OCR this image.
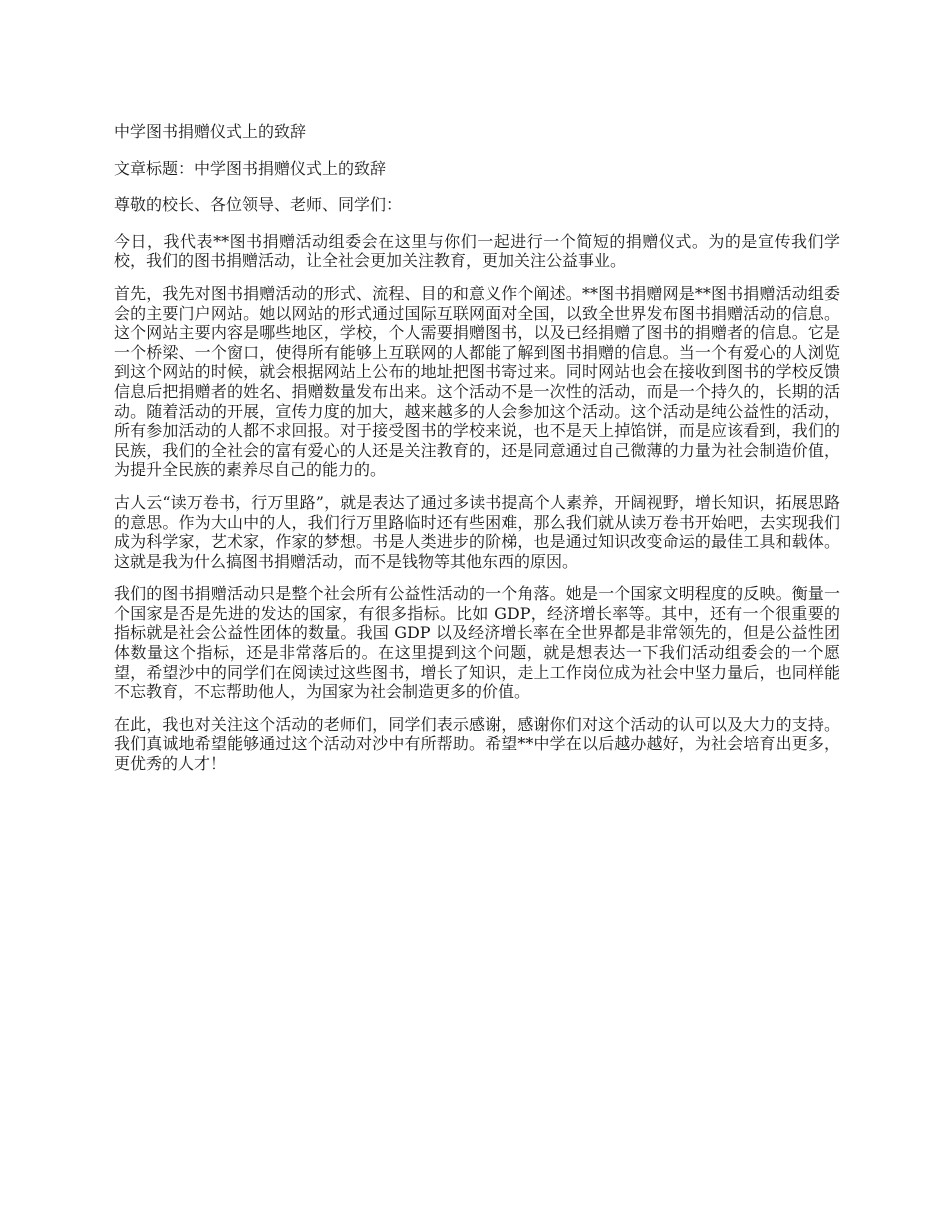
中学图书捐赠仪式上的致辞

文章标题：中学图书捐赠仪式上的致辞

尊敬的校长、各位领导、老师、同学们：

今日，我代表**图书捐赠活动组委会在这里与你们一起进行一个简短的捐赠仪式。为的是宣传我们学校，我们的图书捐赠活动，让全社会更加关注教育，更加关注公益事业。

首先，我先对图书捐赠活动的形式、流程、目的和意义作个阐述。**图书捐赠网是**图书捐赠活动组委会的主要门户网站。她以网站的形式通过国际互联网面对全国，以致全世界发布图书捐赠活动的信息。这个网站主要内容是哪些地区，学校，个人需要捐赠图书，以及已经捐赠了图书的捐赠者的信息。它是一个桥梁、一个窗口，使得所有能够上互联网的人都能了解到图书捐赠的信息。当一个有爱心的人浏览到这个网站的时候，就会根据网站上公布的地址把图书寄过来。同时网站也会在接收到图书的学校反馈信息后把捐赠者的姓名、捐赠数量发布出来。这个活动不是一次性的活动，而是一个持久的，长期的活动。随着活动的开展，宣传力度的加大，越来越多的人会参加这个活动。这个活动是纯公益性的活动，所有参加活动的人都不求回报。对于接受图书的学校来说，也不是天上掉馅饼，而是应该看到，我们的民族，我们的全社会的富有爱心的人还是关注教育的，还是同意通过自己微薄的力量为社会制造价值，为提升全民族的素养尽自己的能力的。

古人云“读万卷书，行万里路”，就是表达了通过多读书提高个人素养，开阔视野，增长知识，拓展思路的意思。作为大山中的人，我们行万里路临时还有些困难，那么我们就从读万卷书开始吧，去实现我们成为科学家，艺术家，作家的梦想。书是人类进步的阶梯，也是通过知识改变命运的最佳工具和载体。这就是我为什么搞图书捐赠活动，而不是钱物等其他东西的原因。

我们的图书捐赠活动只是整个社会所有公益性活动的一个角落。她是一个国家文明程度的反映。衡量一个国家是否是先进的发达的国家，有很多指标。比如 GDP，经济增长率等。其中，还有一个很重要的指标就是社会公益性团体的数量。我国 GDP 以及经济增长率在全世界都是非常领先的，但是公益性团体数量这个指标，还是非常落后的。在这里提到这个问题，就是想表达一下我们活动组委会的一个愿望，希望沙中的同学们在阅读过这些图书，增长了知识，走上工作岗位成为社会中坚力量后，也同样能不忘教育，不忘帮助他人，为国家为社会制造更多的价值。

在此，我也对关注这个活动的老师们，同学们表示感谢，感谢你们对这个活动的认可以及大力的支持。我们真诚地希望能够通过这个活动对沙中有所帮助。希望**中学在以后越办越好，为社会培育出更多，更优秀的人才！
